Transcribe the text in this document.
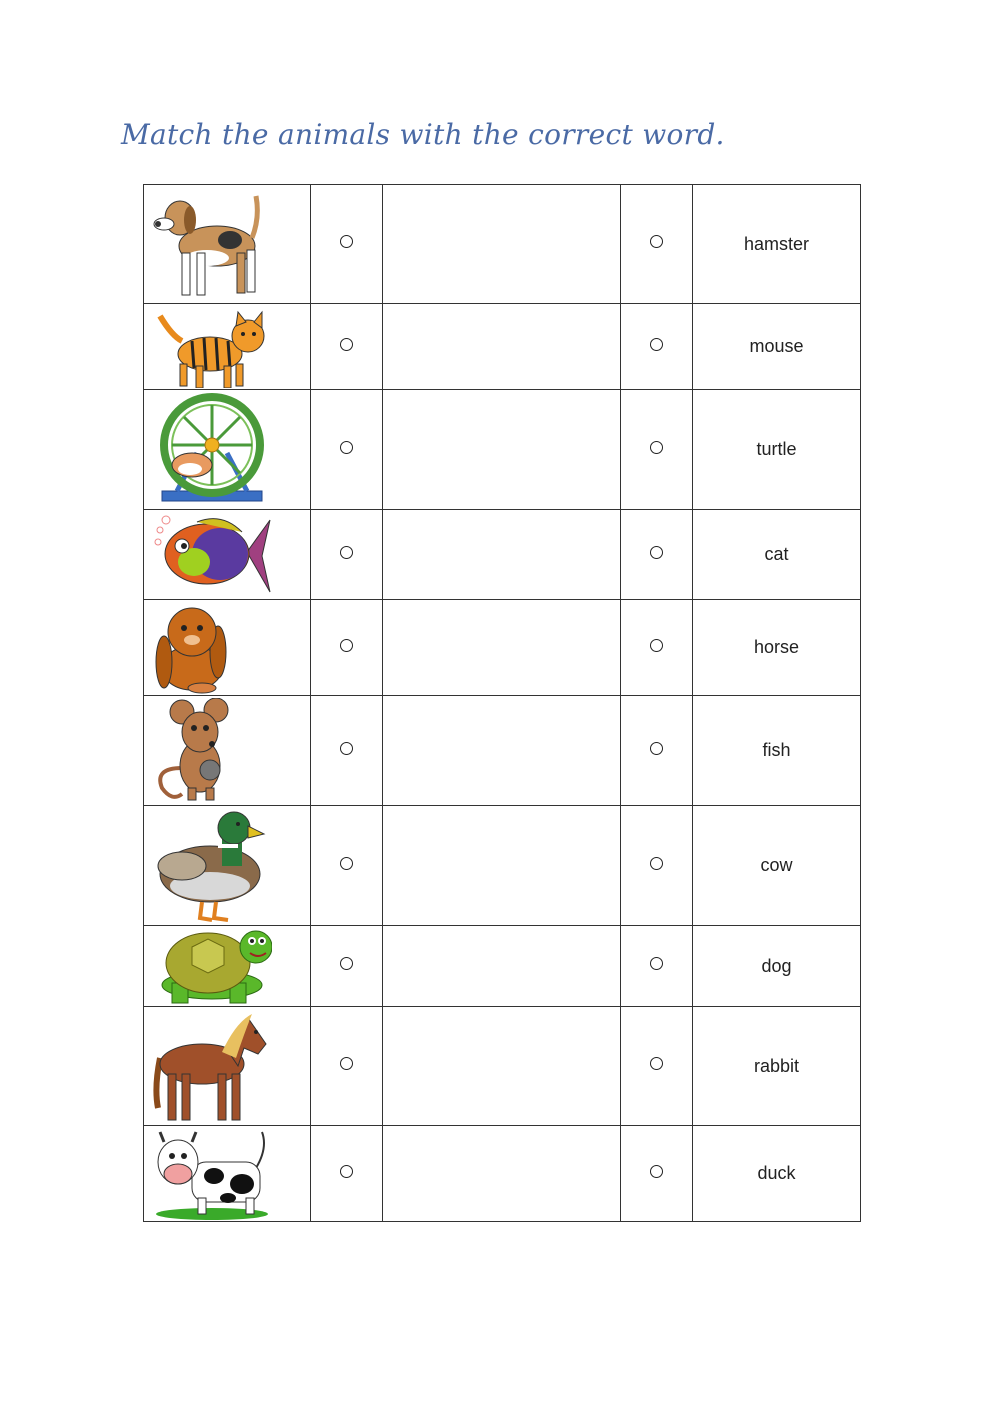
Match the animals with the correct word.
				hamster

				mouse

				turtle

				cat

				horse

				fish

				cow

				dog

				rabbit

				duck
